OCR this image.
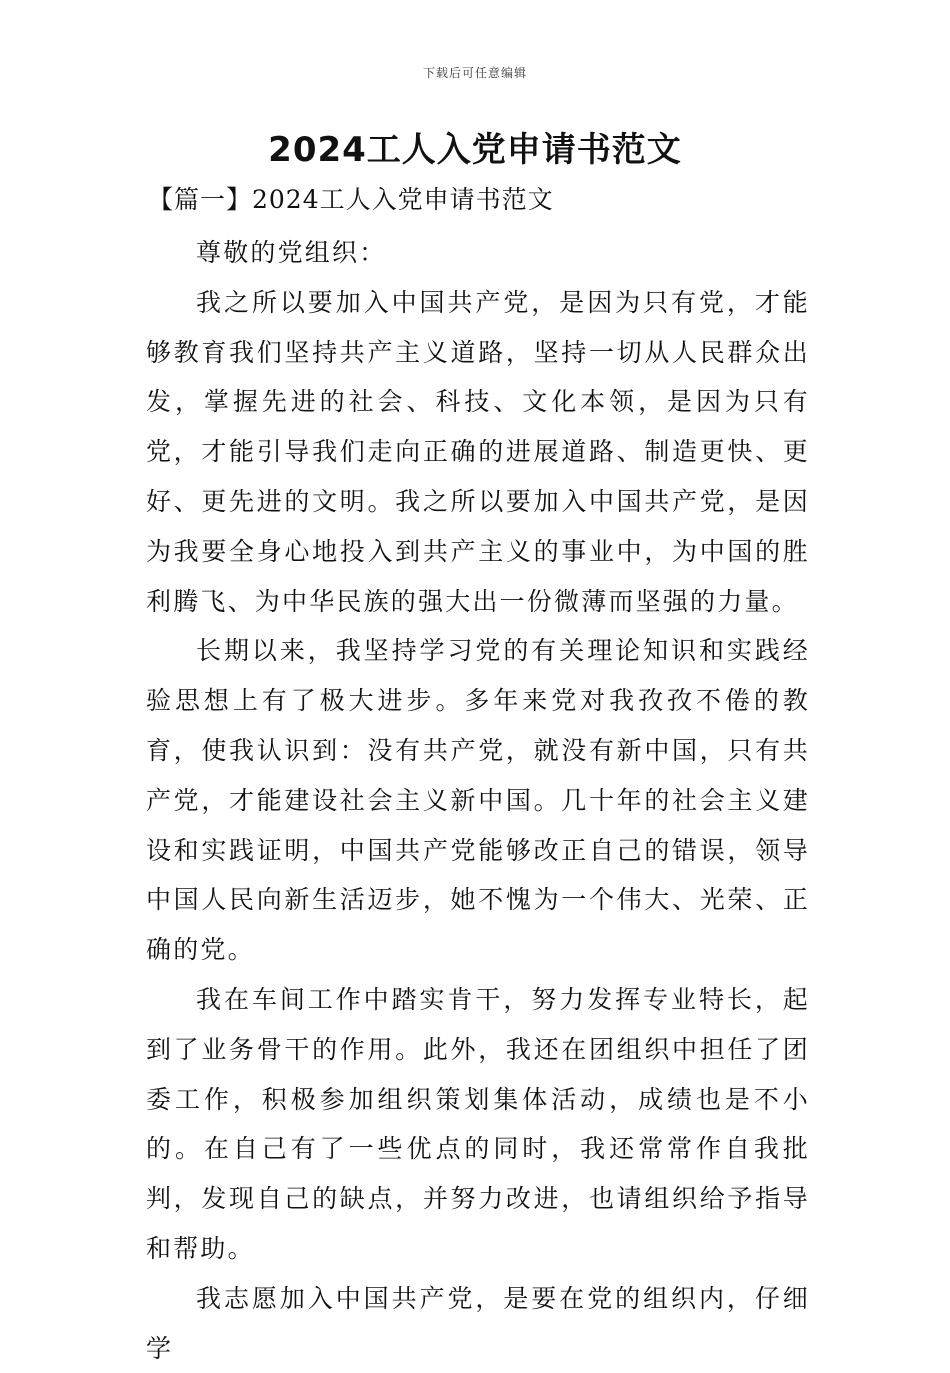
下载后可任意编辑
2024工人入党申请书范文
【篇一】2024工人入党申请书范文

尊敬的党组织：

我之所以要加入中国共产党，是因为只有党，才能够教育我们坚持共产主义道路，坚持一切从人民群众出发，掌握先进的社会、科技、文化本领，是因为只有党，才能引导我们走向正确的进展道路、制造更快、更好、更先进的文明。我之所以要加入中国共产党，是因为我要全身心地投入到共产主义的事业中，为中国的胜利腾飞、为中华民族的强大出一份微薄而坚强的力量。

长期以来，我坚持学习党的有关理论知识和实践经验思想上有了极大进步。多年来党对我孜孜不倦的教育，使我认识到：没有共产党，就没有新中国，只有共产党，才能建设社会主义新中国。几十年的社会主义建设和实践证明，中国共产党能够改正自己的错误，领导中国人民向新生活迈步，她不愧为一个伟大、光荣、正确的党。

我在车间工作中踏实肯干，努力发挥专业特长，起到了业务骨干的作用。此外，我还在团组织中担任了团委工作，积极参加组织策划集体活动，成绩也是不小的。在自己有了一些优点的同时，我还常常作自我批判，发现自己的缺点，并努力改进，也请组织给予指导和帮助。

我志愿加入中国共产党，是要在党的组织内，仔细学
